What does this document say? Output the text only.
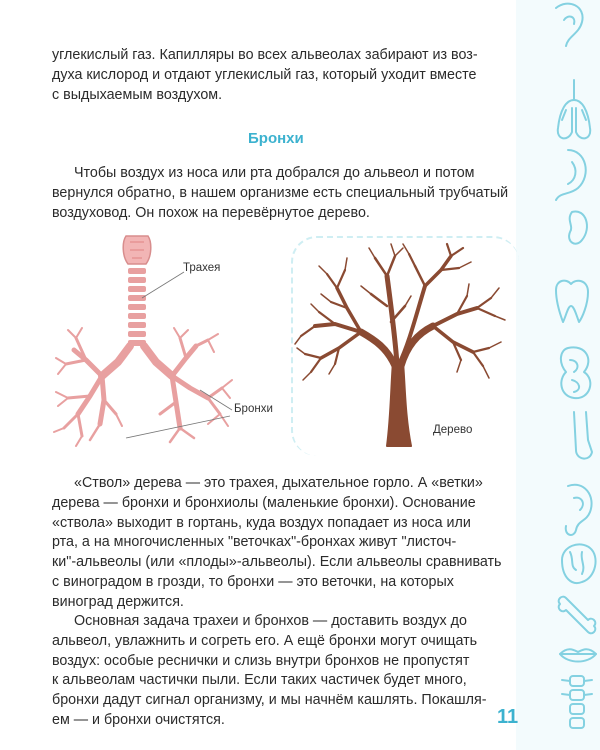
углекислый газ. Капилляры во всех альвеолах забирают из воз-
духа кислород и отдают углекислый газ, который уходит вместе
с выдыхаемым воздухом.
Бронхи
Чтобы воздух из носа или рта добрался до альвеол и потом
вернулся обратно, в нашем организме есть специальный трубчатый
воздуховод. Он похож на перевёрнутое дерево.
Трахея
Бронхи
Дерево
«Ствол» дерева — это трахея, дыхательное горло. А «ветки»
дерева — бронхи и бронхиолы (маленькие бронхи). Основание
«ствола» выходит в гортань, куда воздух попадает из носа или
рта, а на многочисленных "веточках"-бронхах живут "листоч-
ки"-альвеолы (или «плоды»-альвеолы). Если альвеолы сравнивать
с виноградом в грозди, то бронхи — это веточки, на которых
виноград держится.
Основная задача трахеи и бронхов — доставить воздух до
альвеол, увлажнить и согреть его. А ещё бронхи могут очищать
воздух: особые реснички и слизь внутри бронхов не пропустят
к альвеолам частички пыли. Если таких частичек будет много,
бронхи дадут сигнал организму, и мы начнём кашлять. Покашля-
ем — и бронхи очистятся.	11
